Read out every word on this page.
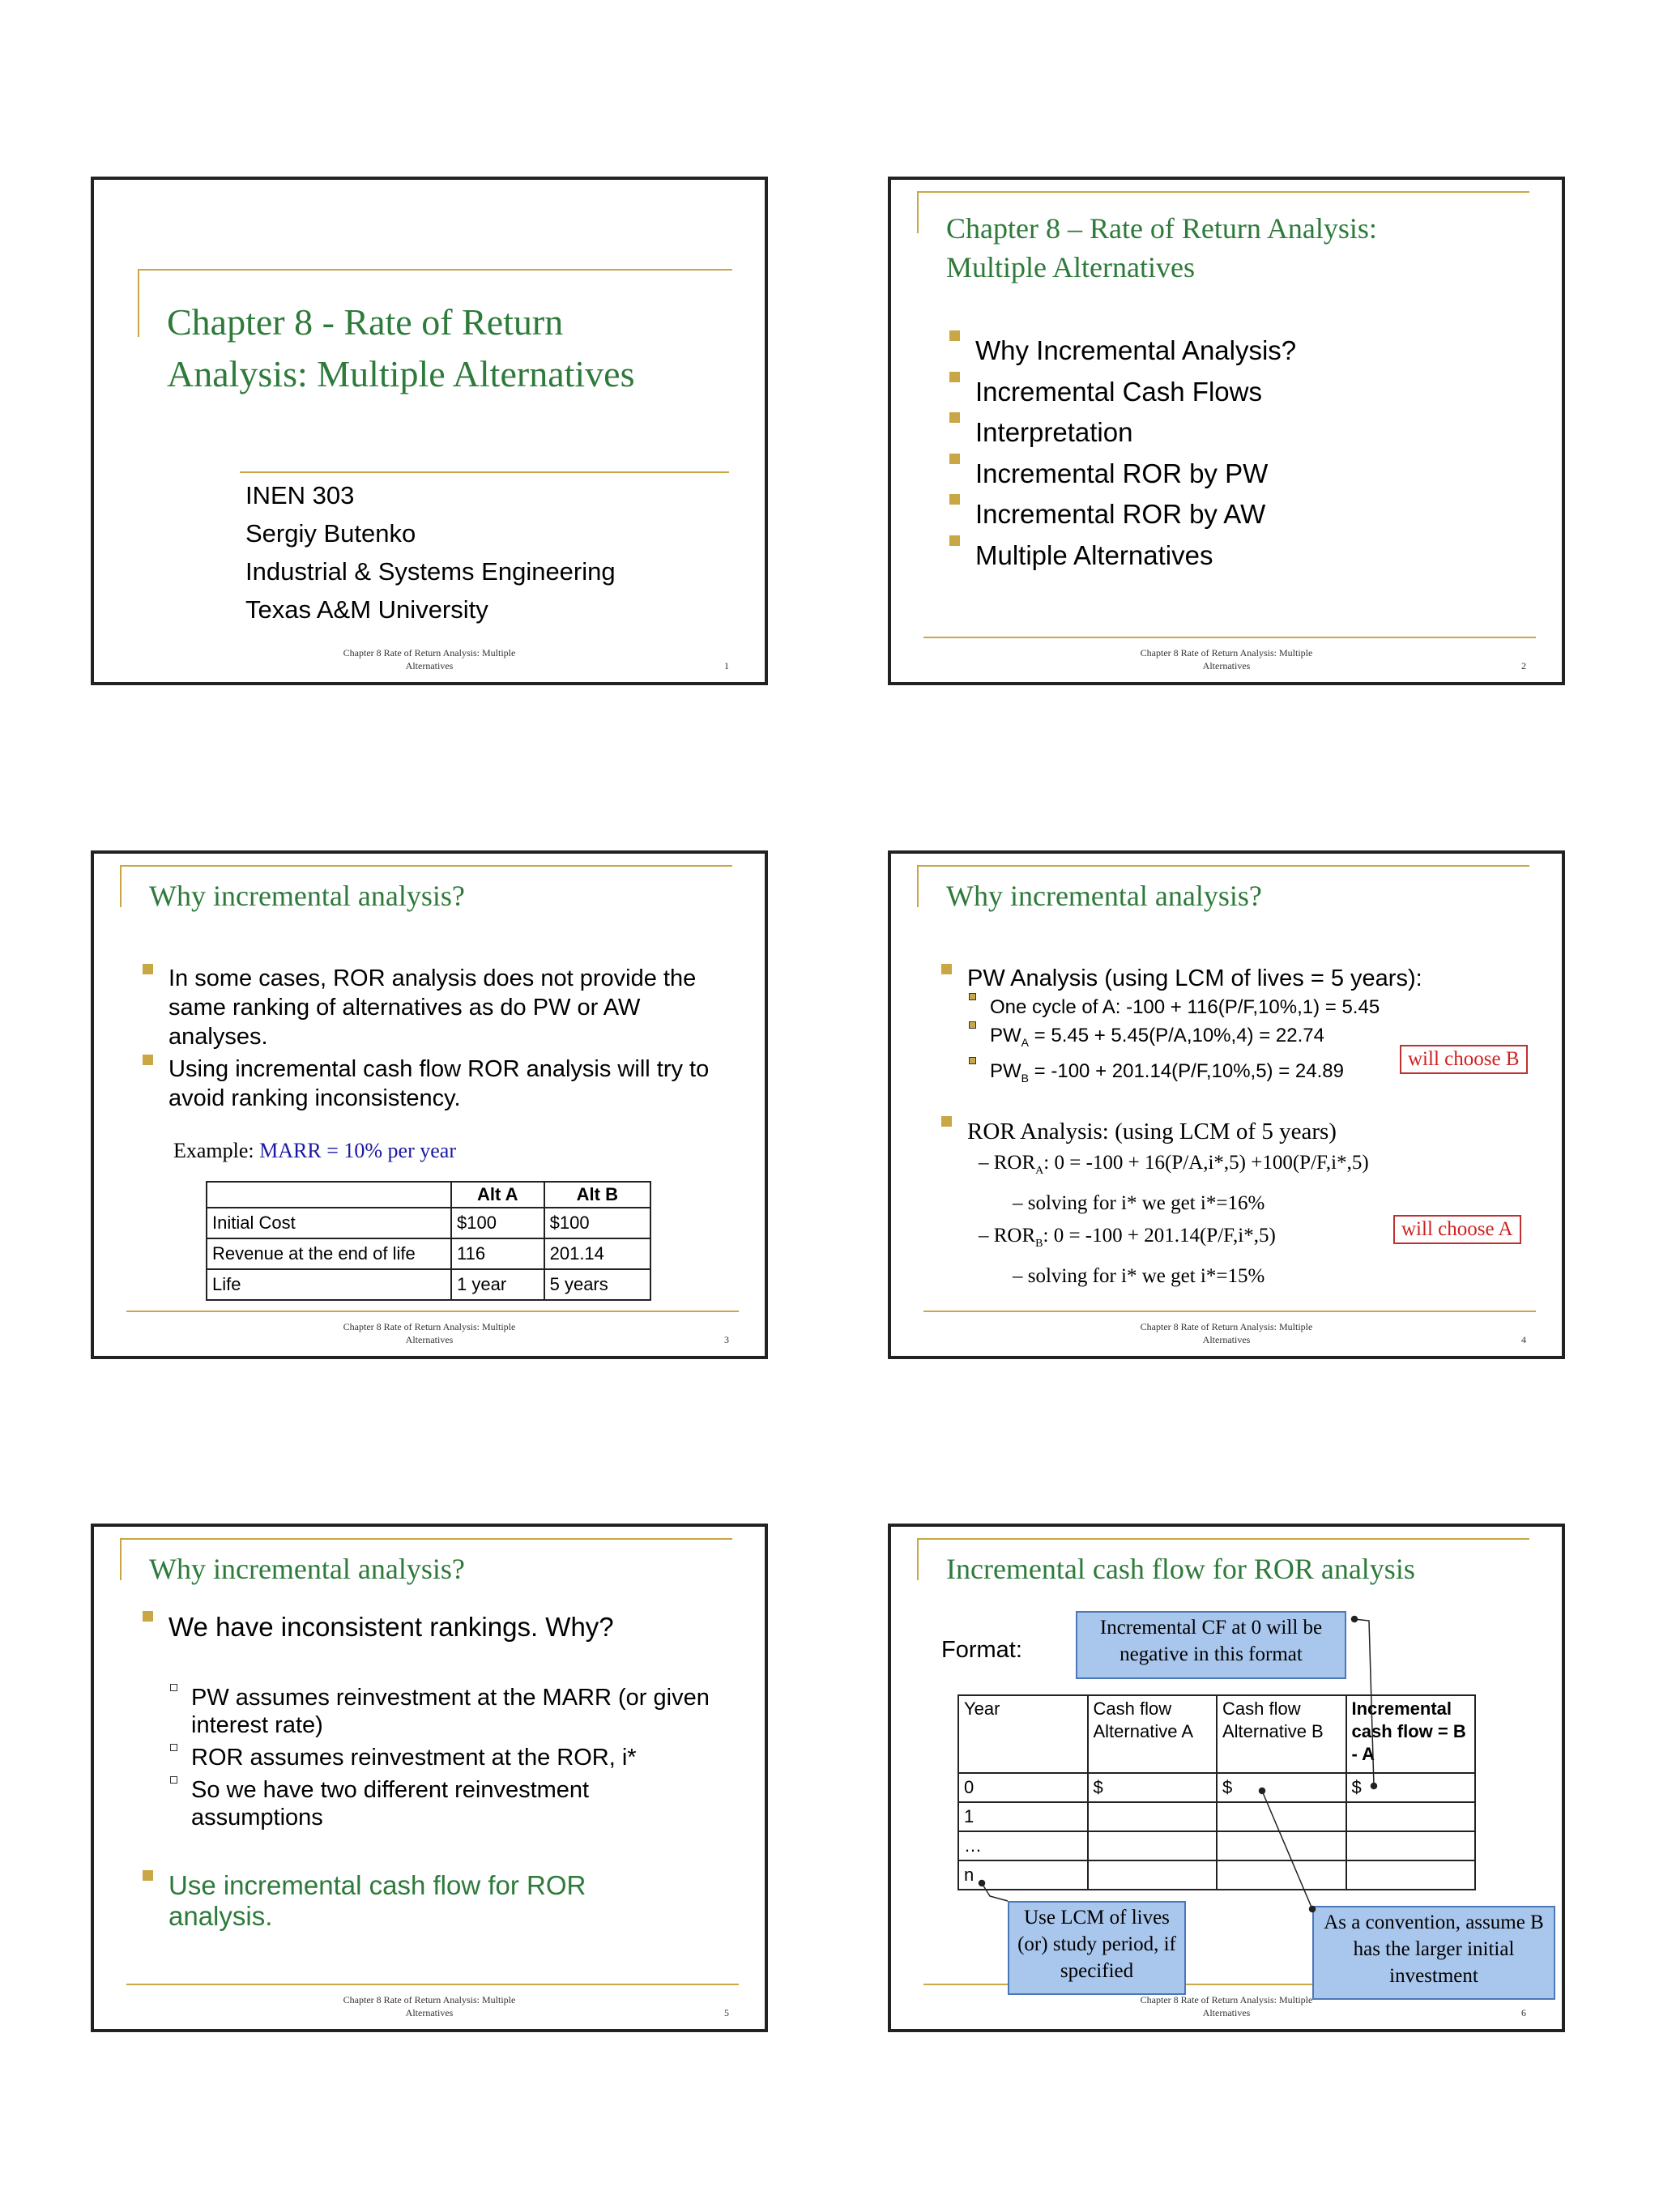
Chapter 8 - Rate of Return
Analysis: Multiple Alternatives
INEN 303
Sergiy Butenko
Industrial & Systems Engineering
Texas A&M University
Chapter 8 Rate of Return Analysis: Multiple
Alternatives	1
Chapter 8 – Rate of Return Analysis:
Multiple Alternatives
Why Incremental Analysis?
Incremental Cash Flows
Interpretation
Incremental ROR by PW
Incremental ROR by AW
Multiple Alternatives
Chapter 8 Rate of Return Analysis: Multiple
Alternatives	2
Why incremental analysis?
In some cases, ROR analysis does not provide the same ranking of alternatives as do PW or AW analyses.
Using incremental cash flow ROR analysis will try to avoid ranking inconsistency.
Example: MARR = 10% per year
	Alt A	Alt B
Initial Cost	$100	$100
Revenue at the end of life	116	201.14
Life	1 year	5 years
Chapter 8 Rate of Return Analysis: Multiple
Alternatives	3
Why incremental analysis?
PW Analysis (using LCM of lives = 5 years):
One cycle of A: -100 + 116(P/F,10%,1) = 5.45
$PW_A = 5.45 + 5.45(P/A,10\%,4) = 22.74$
$PW_B = -100 + 201.14(P/F,10\%,5) = 24.89$
will choose B
ROR Analysis: (using LCM of 5 years)
– $ROR_A$: 0 = -100 + 16(P/A,i*,5) +100(P/F,i*,5)
– solving for i* we get i*=16%
– $ROR_B$: 0 = -100 + 201.14(P/F,i*,5)
– solving for i* we get i*=15%
will choose A
Chapter 8 Rate of Return Analysis: Multiple
Alternatives	4
Why incremental analysis?
We have inconsistent rankings. Why?
PW assumes reinvestment at the MARR (or given interest rate)
ROR assumes reinvestment at the ROR, i*
So we have two different reinvestment assumptions
Use incremental cash flow for ROR analysis.
Chapter 8 Rate of Return Analysis: Multiple
Alternatives	5
Incremental cash flow for ROR analysis
Format:
Incremental CF at 0 will be negative in this format
Year	Cash flow Alternative A	Cash flow Alternative B	Incremental cash flow = B - A
0	$	$	$
1			
…			
n			
Use LCM of lives (or) study period, if specified
As a convention, assume B has the larger initial investment
Chapter 8 Rate of Return Analysis: Multiple
Alternatives	6
